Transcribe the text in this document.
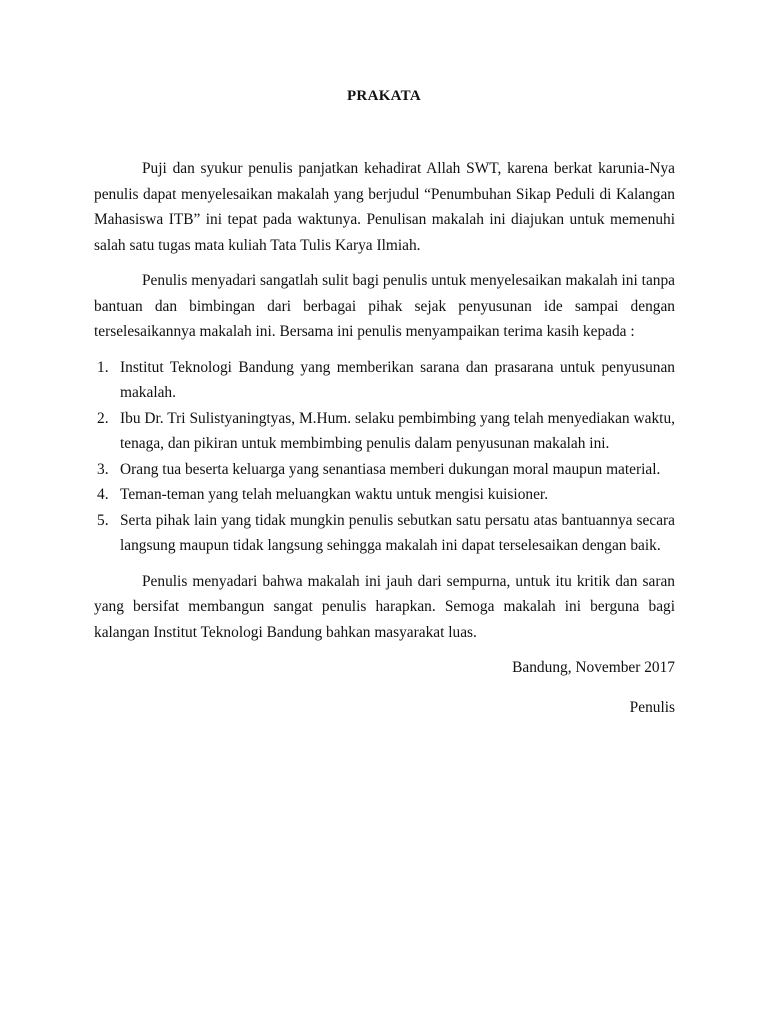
PRAKATA

Puji dan syukur penulis panjatkan kehadirat Allah SWT, karena berkat karunia-Nya penulis dapat menyelesaikan makalah yang berjudul “Penumbuhan Sikap Peduli di Kalangan Mahasiswa ITB” ini tepat pada waktunya. Penulisan makalah ini diajukan untuk memenuhi salah satu tugas mata kuliah Tata Tulis Karya Ilmiah.

Penulis menyadari sangatlah sulit bagi penulis untuk menyelesaikan makalah ini tanpa bantuan dan bimbingan dari berbagai pihak sejak penyusunan ide sampai dengan terselesaikannya makalah ini. Bersama ini penulis menyampaikan terima kasih kepada :

1. Institut Teknologi Bandung yang memberikan sarana dan prasarana untuk penyusunan makalah.
2. Ibu Dr. Tri Sulistyaningtyas, M.Hum. selaku pembimbing yang telah menyediakan waktu, tenaga, dan pikiran untuk membimbing penulis dalam penyusunan makalah ini.
3. Orang tua beserta keluarga yang senantiasa memberi dukungan moral maupun material.
4. Teman-teman yang telah meluangkan waktu untuk mengisi kuisioner.
5. Serta pihak lain yang tidak mungkin penulis sebutkan satu persatu atas bantuannya secara langsung maupun tidak langsung sehingga makalah ini dapat terselesaikan dengan baik.

Penulis menyadari bahwa makalah ini jauh dari sempurna, untuk itu kritik dan saran yang bersifat membangun sangat penulis harapkan. Semoga makalah ini berguna bagi kalangan Institut Teknologi Bandung bahkan masyarakat luas.

Bandung, November 2017

Penulis
